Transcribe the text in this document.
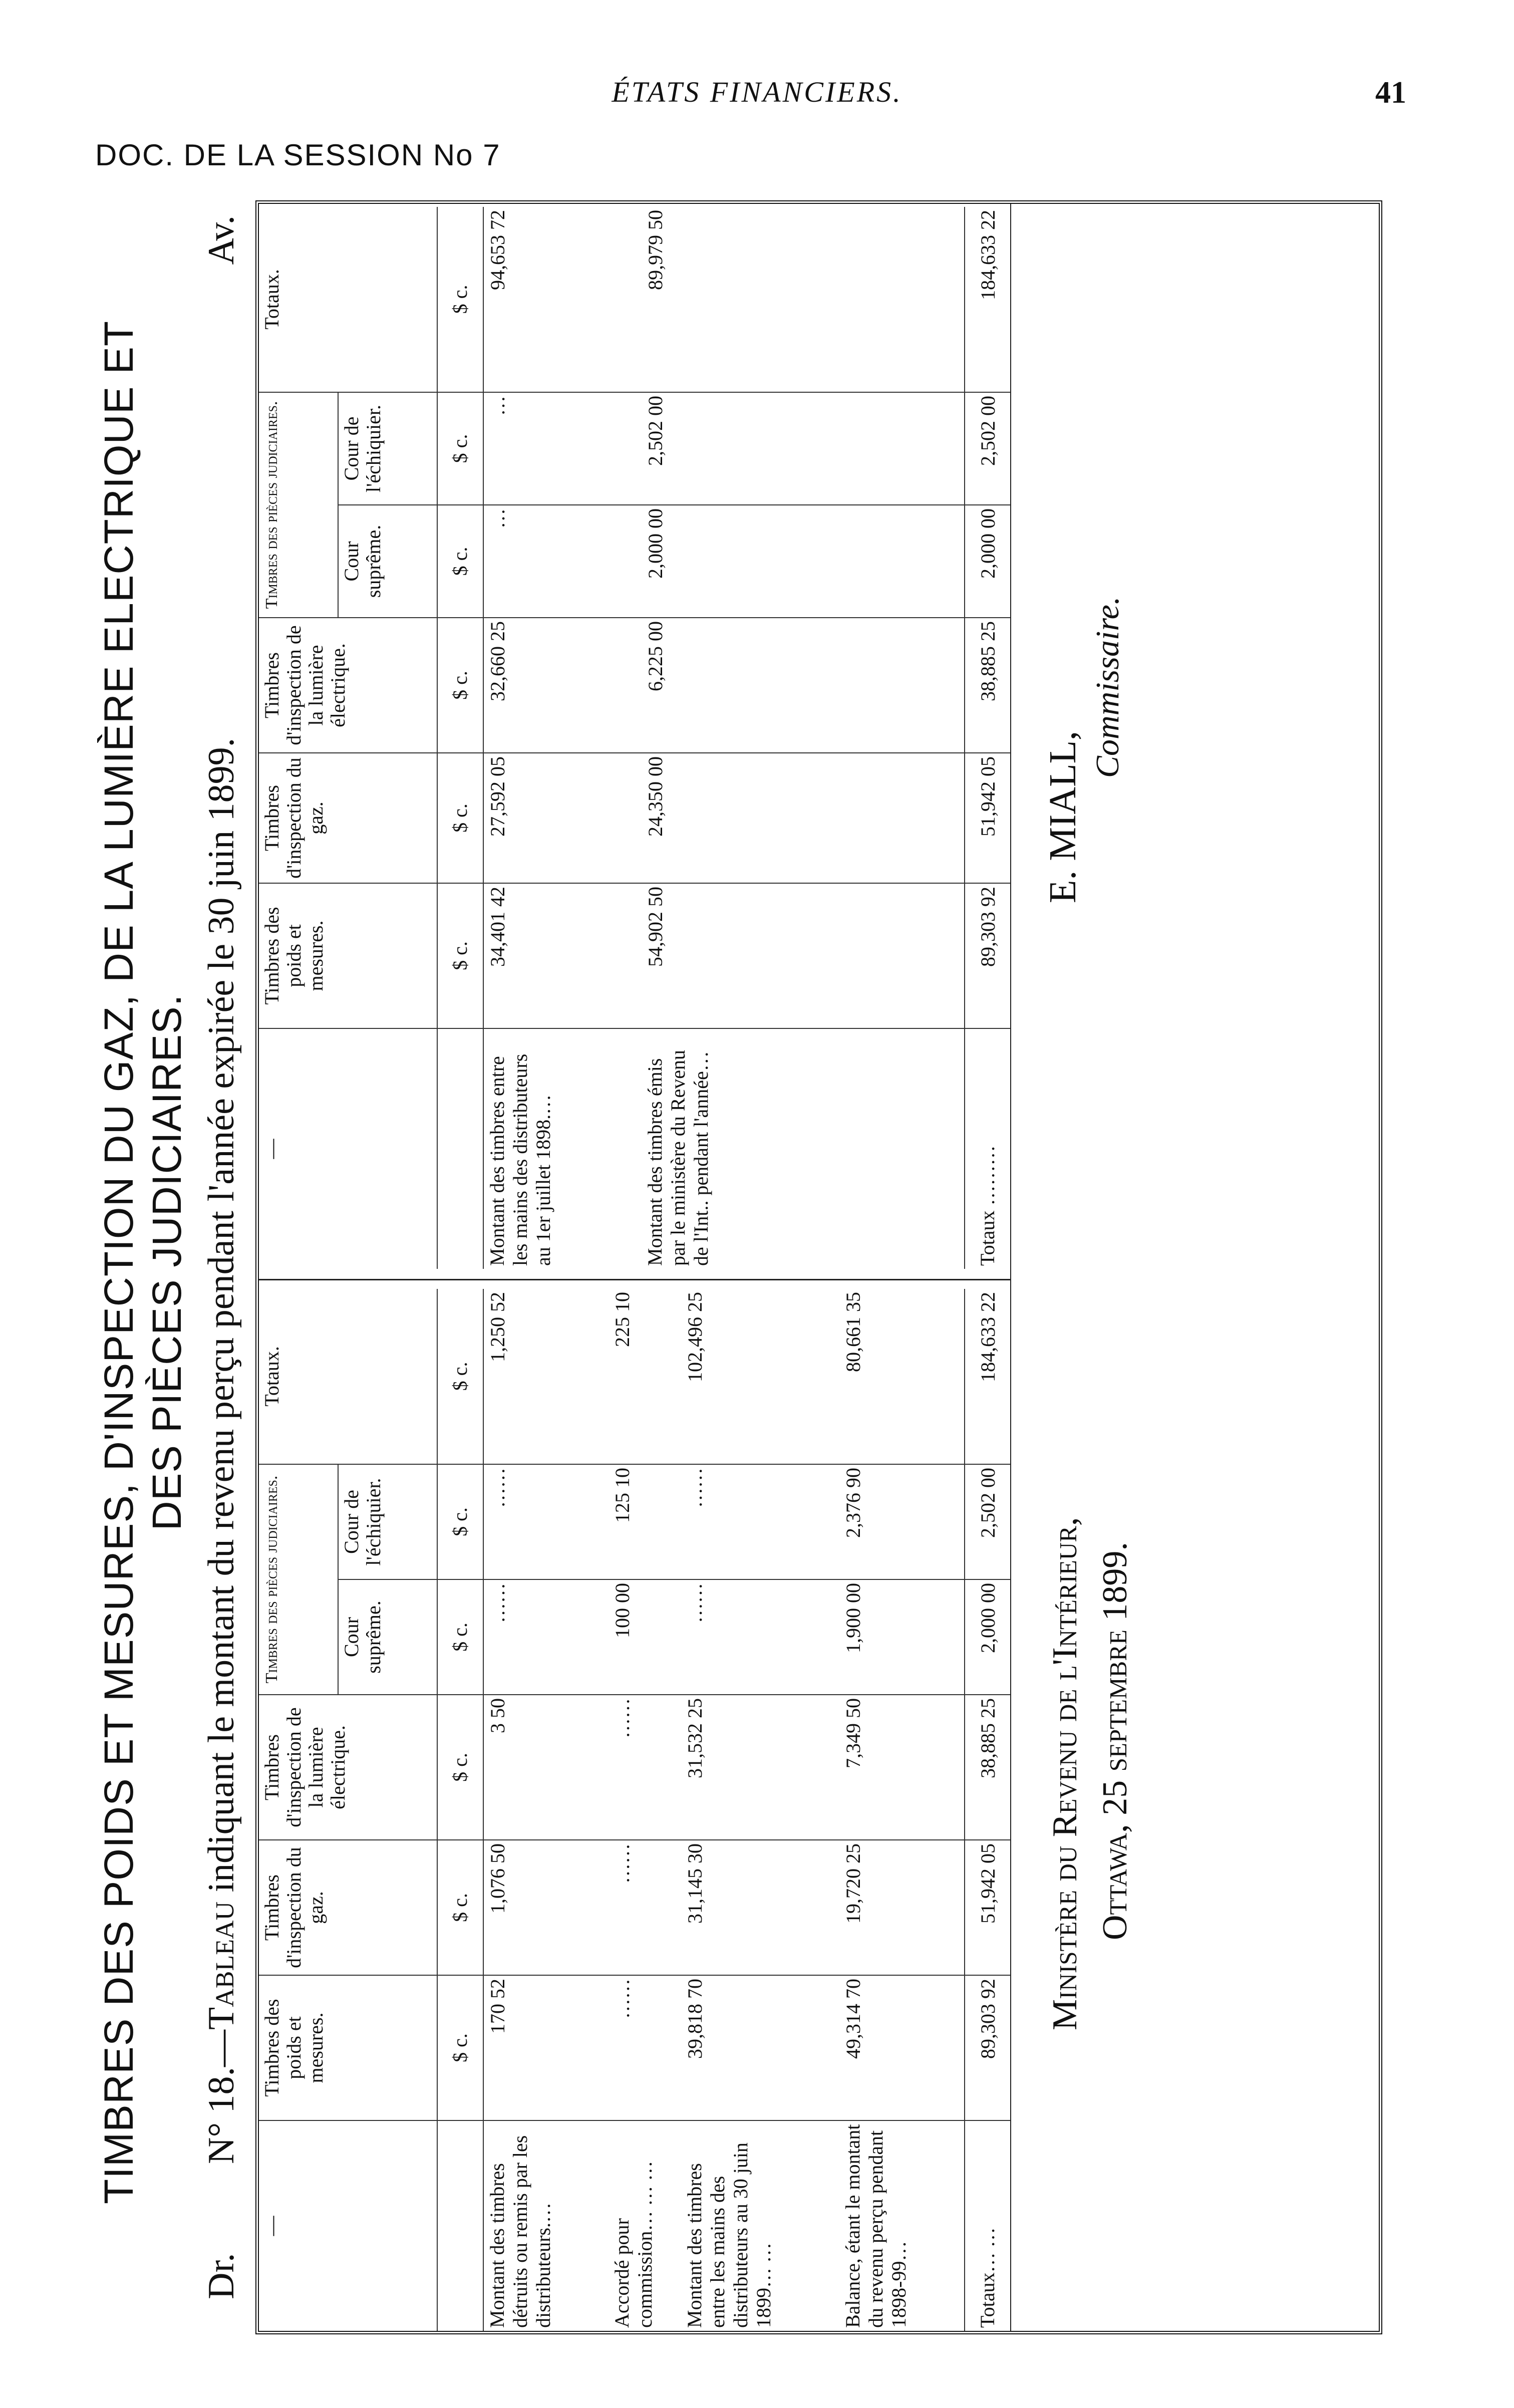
ÉTATS FINANCIERS.	41
DOC. DE LA SESSION No 7
TIMBRES DES POIDS ET MESURES, D'INSPECTION DU GAZ, DE LA LUMIÈRE ELECTRIQUE ET DES PIÈCES JUDICIAIRES.
Dr.
N° 18.—Tableau indiquant le montant du revenu perçu pendant l'année expirée le 30 juin 1899.
Av.
—	Timbres des poids et mesures.	Timbres d'inspection du gaz.	Timbres d'inspection de la lumière électrique.	Timbres des pièces judiciaires.		Totaux.
				Cour suprême.	Cour de l'échiquier.	
	$ c.	$ c.	$ c.	$ c.	$ c.	$ c.
Montant des timbres détruits ou remis par les distributeurs.…	170 52	1,076 50	3 50	……	……	1,250 52
Accordé pour commission… … …	……	……	……	100 00	125 10	225 10
Montant des timbres entre les mains des distributeurs au 30 juin 1899… …	39,818 70	31,145 30	31,532 25	……	……	102,496 25
Balance, étant le montant du revenu perçu pendant 1898-99…	49,314 70	19,720 25	7,349 50	1,900 00	2,376 90	80,661 35
Totaux… …	89,303 92	51,942 05	38,885 25	2,000 00	2,502 00	184,633 22
—	Timbres des poids et mesures.	Timbres d'inspection du gaz.	Timbres d'inspection de la lumière électrique.	Timbres des pièces judiciaires.		Totaux.
				Cour suprême.	Cour de l'échiquier.	
	$ c.	$ c.	$ c.	$ c.	$ c.	$ c.
Montant des timbres entre les mains des distributeurs au 1er juillet 1898.…	34,401 42	27,592 05	32,660 25	…	…	94,653 72
Montant des timbres émis par le ministère du Revenu de l'Int.. pendant l'année…	54,902 50	24,350 00	6,225 00	2,000 00	2,502 00	89,979 50
Totaux ………	89,303 92	51,942 05	38,885 25	2,000 00	2,502 00	184,633 22
Ministère du Revenu de l'Intérieur, Ottawa, 25 septembre 1899.
E. MIALL,
Commissaire.
